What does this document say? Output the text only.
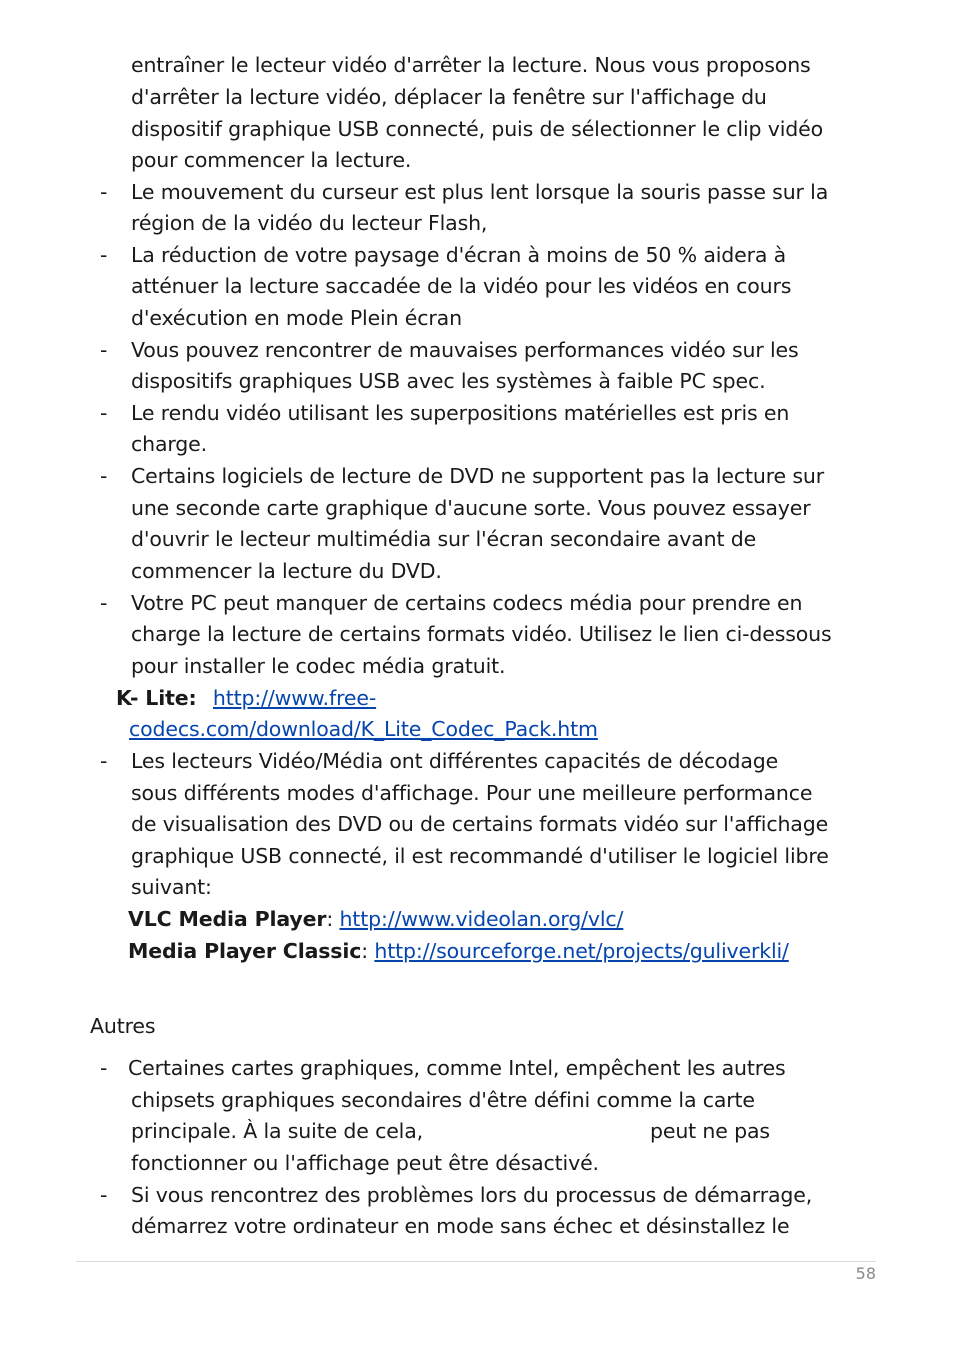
entraîner le lecteur vidéo d'arrêter la lecture. Nous vous proposons
d'arrêter la lecture vidéo, déplacer la fenêtre sur l'affichage du
dispositif graphique USB connecté, puis de sélectionner le clip vidéo
pour commencer la lecture.
- Le mouvement du curseur est plus lent lorsque la souris passe sur la
région de la vidéo du lecteur Flash,
- La réduction de votre paysage d'écran à moins de 50 % aidera à
atténuer la lecture saccadée de la vidéo pour les vidéos en cours
d'exécution en mode Plein écran
- Vous pouvez rencontrer de mauvaises performances vidéo sur les
dispositifs graphiques USB avec les systèmes à faible PC spec.
- Le rendu vidéo utilisant les superpositions matérielles est pris en
charge.
- Certains logiciels de lecture de DVD ne supportent pas la lecture sur
une seconde carte graphique d'aucune sorte. Vous pouvez essayer
d'ouvrir le lecteur multimédia sur l'écran secondaire avant de
commencer la lecture du DVD.
- Votre PC peut manquer de certains codecs média pour prendre en
charge la lecture de certains formats vidéo. Utilisez le lien ci-dessous
pour installer le codec média gratuit.
K- Lite: http://www.free-
codecs.com/download/K_Lite_Codec_Pack.htm
- Les lecteurs Vidéo/Média ont différentes capacités de décodage
sous différents modes d'affichage. Pour une meilleure performance
de visualisation des DVD ou de certains formats vidéo sur l'affichage
graphique USB connecté, il est recommandé d'utiliser le logiciel libre
suivant:
VLC Media Player: http://www.videolan.org/vlc/
Media Player Classic: http://sourceforge.net/projects/guliverkli/
Autres
- Certaines cartes graphiques, comme Intel, empêchent les autres
chipsets graphiques secondaires d'être défini comme la carte
principale. À la suite de cela,	peut ne pas
fonctionner ou l'affichage peut être désactivé.
- Si vous rencontrez des problèmes lors du processus de démarrage,
démarrez votre ordinateur en mode sans échec et désinstallez le
58
